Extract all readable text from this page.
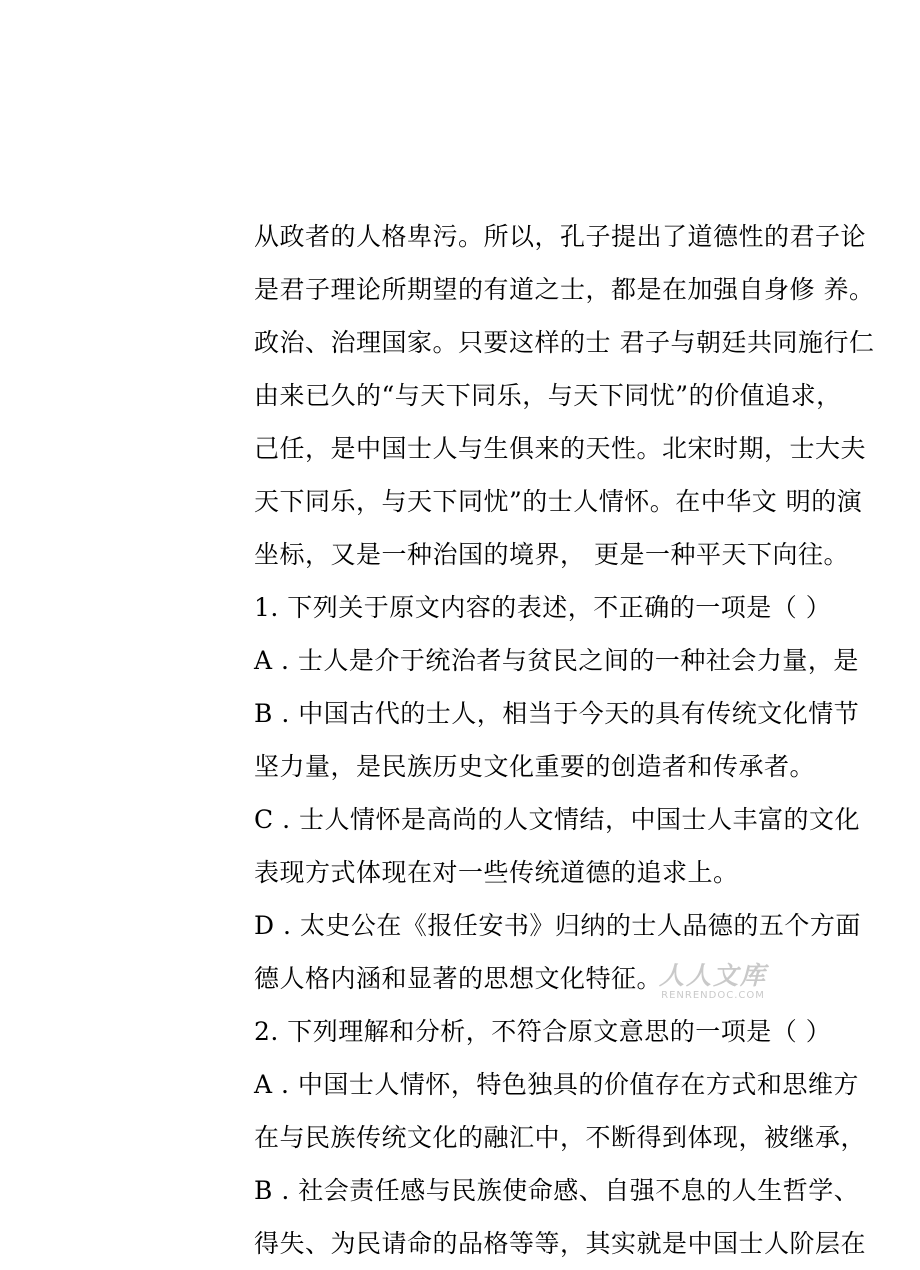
从政者的人格卑污。所以，孔子提出了道德性的君子论
是君子理论所期望的有道之士，都是在加强自身修 养。
政治、治理国家。只要这样的士 君子与朝廷共同施行仁
由来已久的“与天下同乐，与天下同忧”的价值追求，
己任，是中国士人与生俱来的天性。北宋时期，士大夫
天下同乐，与天下同忧”的士人情怀。在中华文 明的演
坐标，又是一种治国的境界， 更是一种平天下向往。
1. 下列关于原文内容的表述，不正确的一项是（ ）
A . 士人是介于统治者与贫民之间的一种社会力量，是
B . 中国古代的士人，相当于今天的具有传统文化情节
坚力量，是民族历史文化重要的创造者和传承者。
C . 士人情怀是高尚的人文情结，中国士人丰富的文化
表现方式体现在对一些传统道德的追求上。
D . 太史公在《报任安书》归纳的士人品德的五个方面
德人格内涵和显著的思想文化特征。
2. 下列理解和分析，不符合原文意思的一项是（ ）
A . 中国士人情怀，特色独具的价值存在方式和思维方
在与民族传统文化的融汇中，不断得到体现，被继承，
B . 社会责任感与民族使命感、自强不息的人生哲学、
得失、为民请命的品格等等，其实就是中国士人阶层在
人人文库
RENRENDOC.COM
